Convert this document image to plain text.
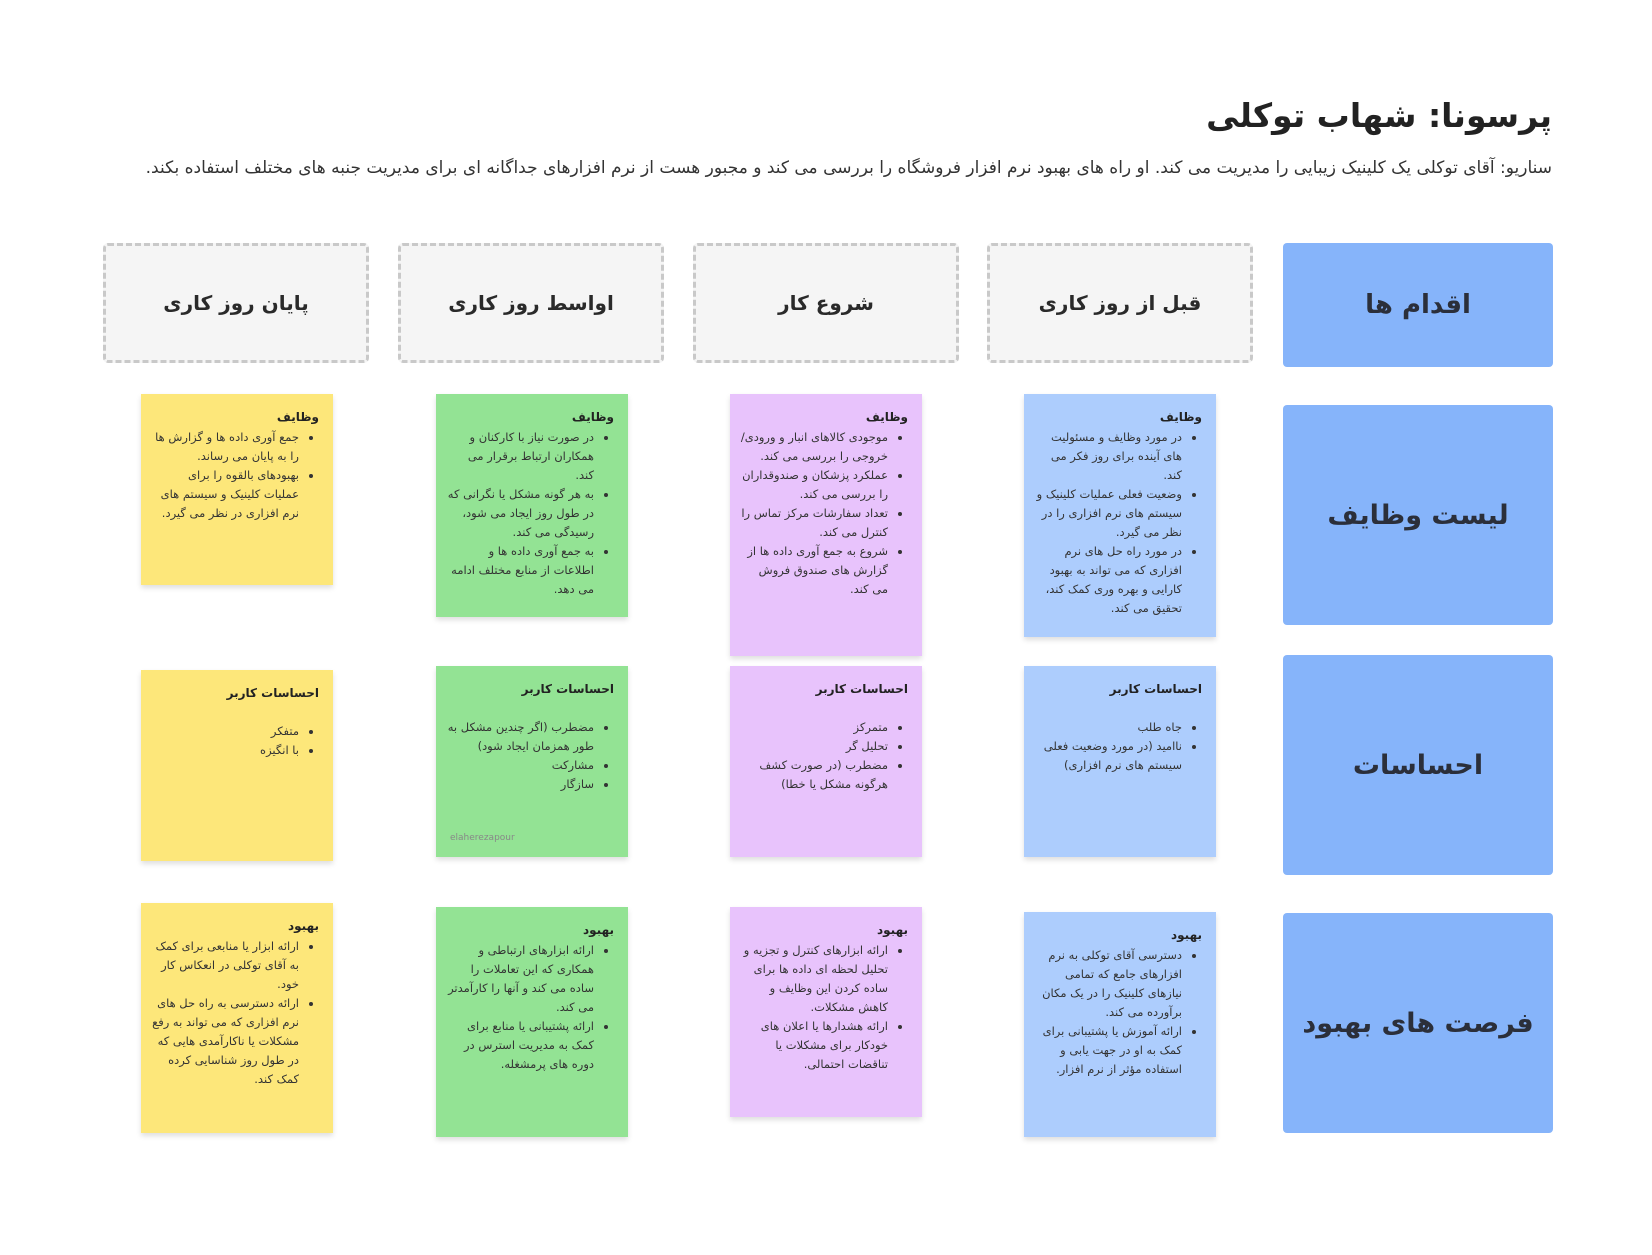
پرسونا: شهاب توکلی
سناریو: آقای توکلی یک کلینیک زیبایی را مدیریت می کند. او راه های بهبود نرم افزار فروشگاه را بررسی می کند و مجبور هست از نرم افزارهای جداگانه ای برای مدیریت جنبه های مختلف استفاده بکند.
اقدام ها
قبل از روز کاری
شروع کار
اواسط روز کاری
پایان روز کاری
لیست وظایف
احساسات
فرصت های بهبود
وظایف
• در مورد وظایف و مسئولیت های آینده برای روز فکر می کند.
• وضعیت فعلی عملیات کلینیک و سیستم های نرم افزاری را در نظر می گیرد.
• در مورد راه حل های نرم افزاری که می تواند به بهبود کارایی و بهره وری کمک کند، تحقیق می کند.
احساسات کاربر
• جاه طلب
• ناامید (در مورد وضعیت فعلی سیستم های نرم افزاری)
بهبود
• دسترسی آقای توکلی به نرم افزارهای جامع که تمامی نیازهای کلینیک را در یک مکان برآورده می کند.
• ارائه آموزش یا پشتیبانی برای کمک به او در جهت یابی و استفاده مؤثر از نرم افزار.
وظایف
• موجودی کالاهای انبار و ورودی/خروجی را بررسی می کند.
• عملکرد پزشکان و صندوقداران را بررسی می کند.
• تعداد سفارشات مرکز تماس را کنترل می کند.
• شروع به جمع آوری داده ها از گزارش های صندوق فروش می کند.
احساسات کاربر
• متمرکز
• تحلیل گر
• مضطرب (در صورت کشف هرگونه مشکل یا خطا)
بهبود
• ارائه ابزارهای کنترل و تجزیه و تحلیل لحظه ای داده ها برای ساده کردن این وظایف و کاهش مشکلات.
• ارائه هشدارها یا اعلان های خودکار برای مشکلات یا تناقضات احتمالی.
وظایف
• در صورت نیاز با کارکنان و همکاران ارتباط برقرار می کند.
• به هر گونه مشکل یا نگرانی که در طول روز ایجاد می شود، رسیدگی می کند.
• به جمع آوری داده ها و اطلاعات از منابع مختلف ادامه می دهد.
احساسات کاربر
• مضطرب (اگر چندین مشکل به طور همزمان ایجاد شود)
• مشارکت
• سازگار
elaherezapour
بهبود
• ارائه ابزارهای ارتباطی و همکاری که این تعاملات را ساده می کند و آنها را کارآمدتر می کند.
• ارائه پشتیبانی یا منابع برای کمک به مدیریت استرس در دوره های پرمشغله.
وظایف
• جمع آوری داده ها و گزارش ها را به پایان می رساند.
• بهبودهای بالقوه را برای عملیات کلینیک و سیستم های نرم افزاری در نظر می گیرد.
احساسات کاربر
• متفکر
• با انگیزه
بهبود
• ارائه ابزار یا منابعی برای کمک به آقای توکلی در انعکاس کار خود.
• ارائه دسترسی به راه حل های نرم افزاری که می تواند به رفع مشکلات یا ناکارآمدی هایی که در طول روز شناسایی کرده کمک کند.
